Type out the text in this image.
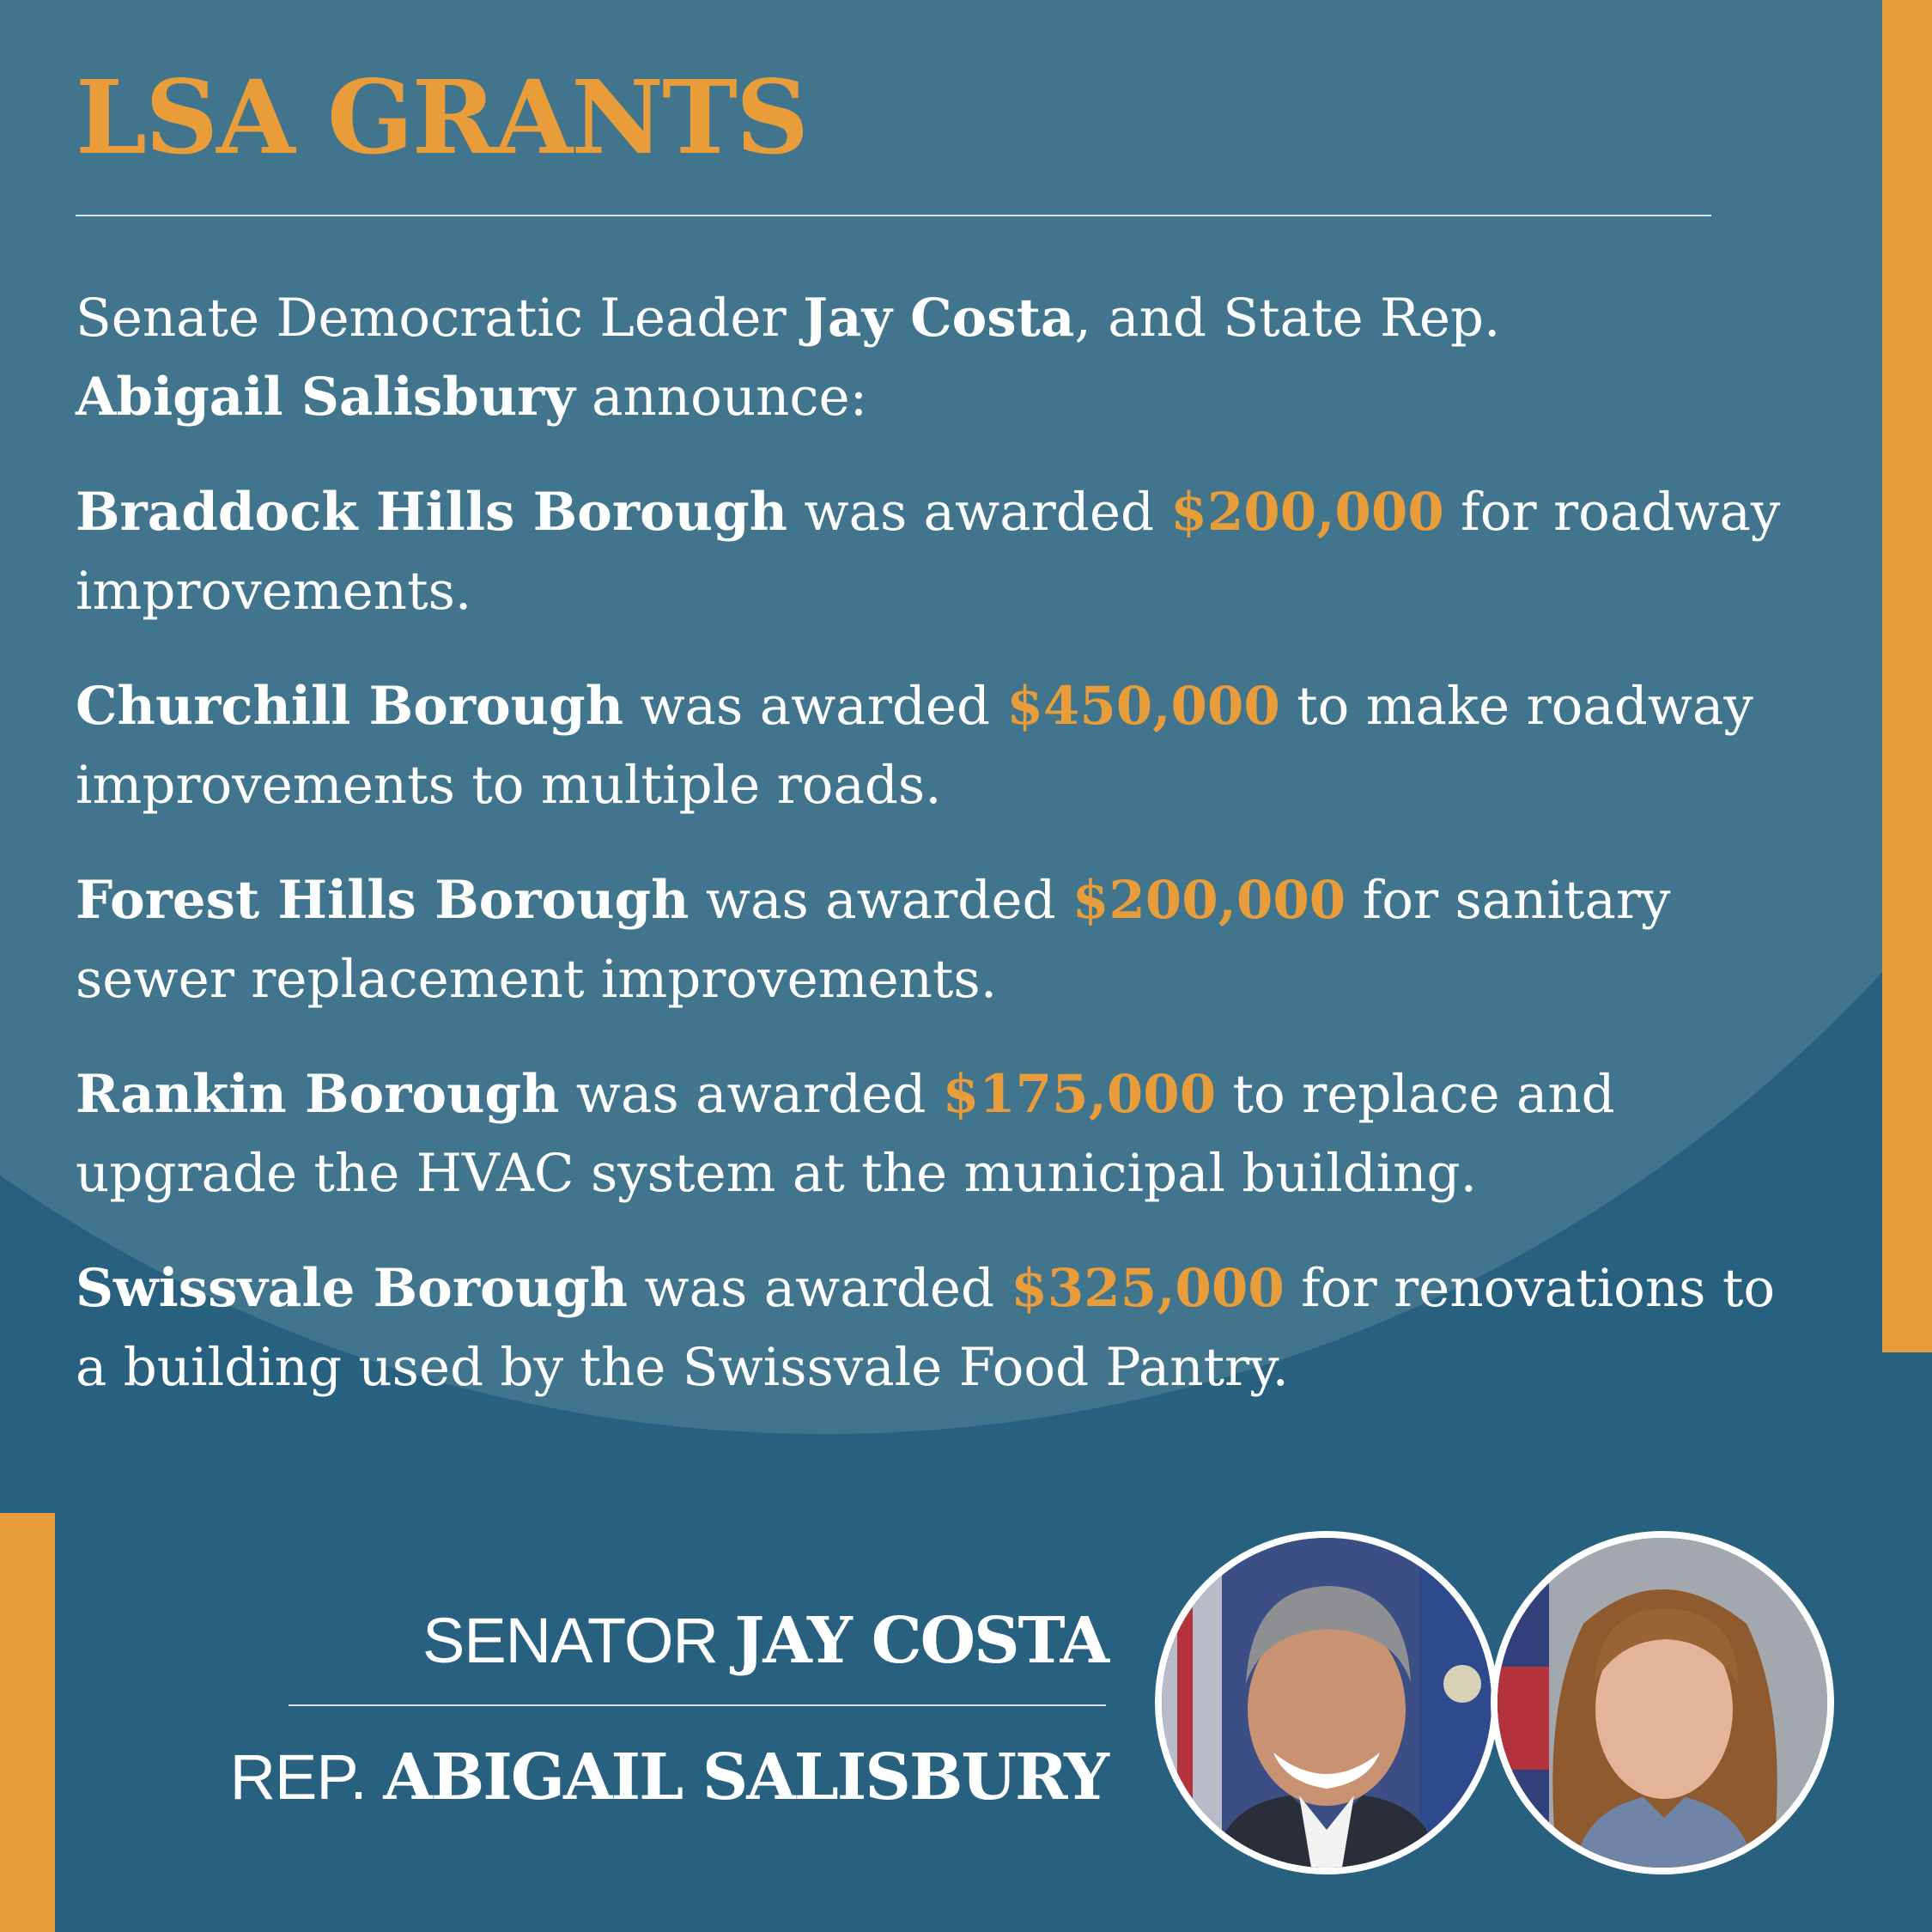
LSA GRANTS

Senate Democratic Leader Jay Costa, and State Rep.
Abigail Salisbury announce:

Braddock Hills Borough was awarded $200,000 for roadway improvements.

Churchill Borough was awarded $450,000 to make roadway improvements to multiple roads.

Forest Hills Borough was awarded $200,000 for sanitary sewer replacement improvements.

Rankin Borough was awarded $175,000 to replace and upgrade the HVAC system at the municipal building.

Swissvale Borough was awarded $325,000 for renovations to a building used by the Swissvale Food Pantry.

SENATOR JAY COSTA
REP. ABIGAIL SALISBURY
